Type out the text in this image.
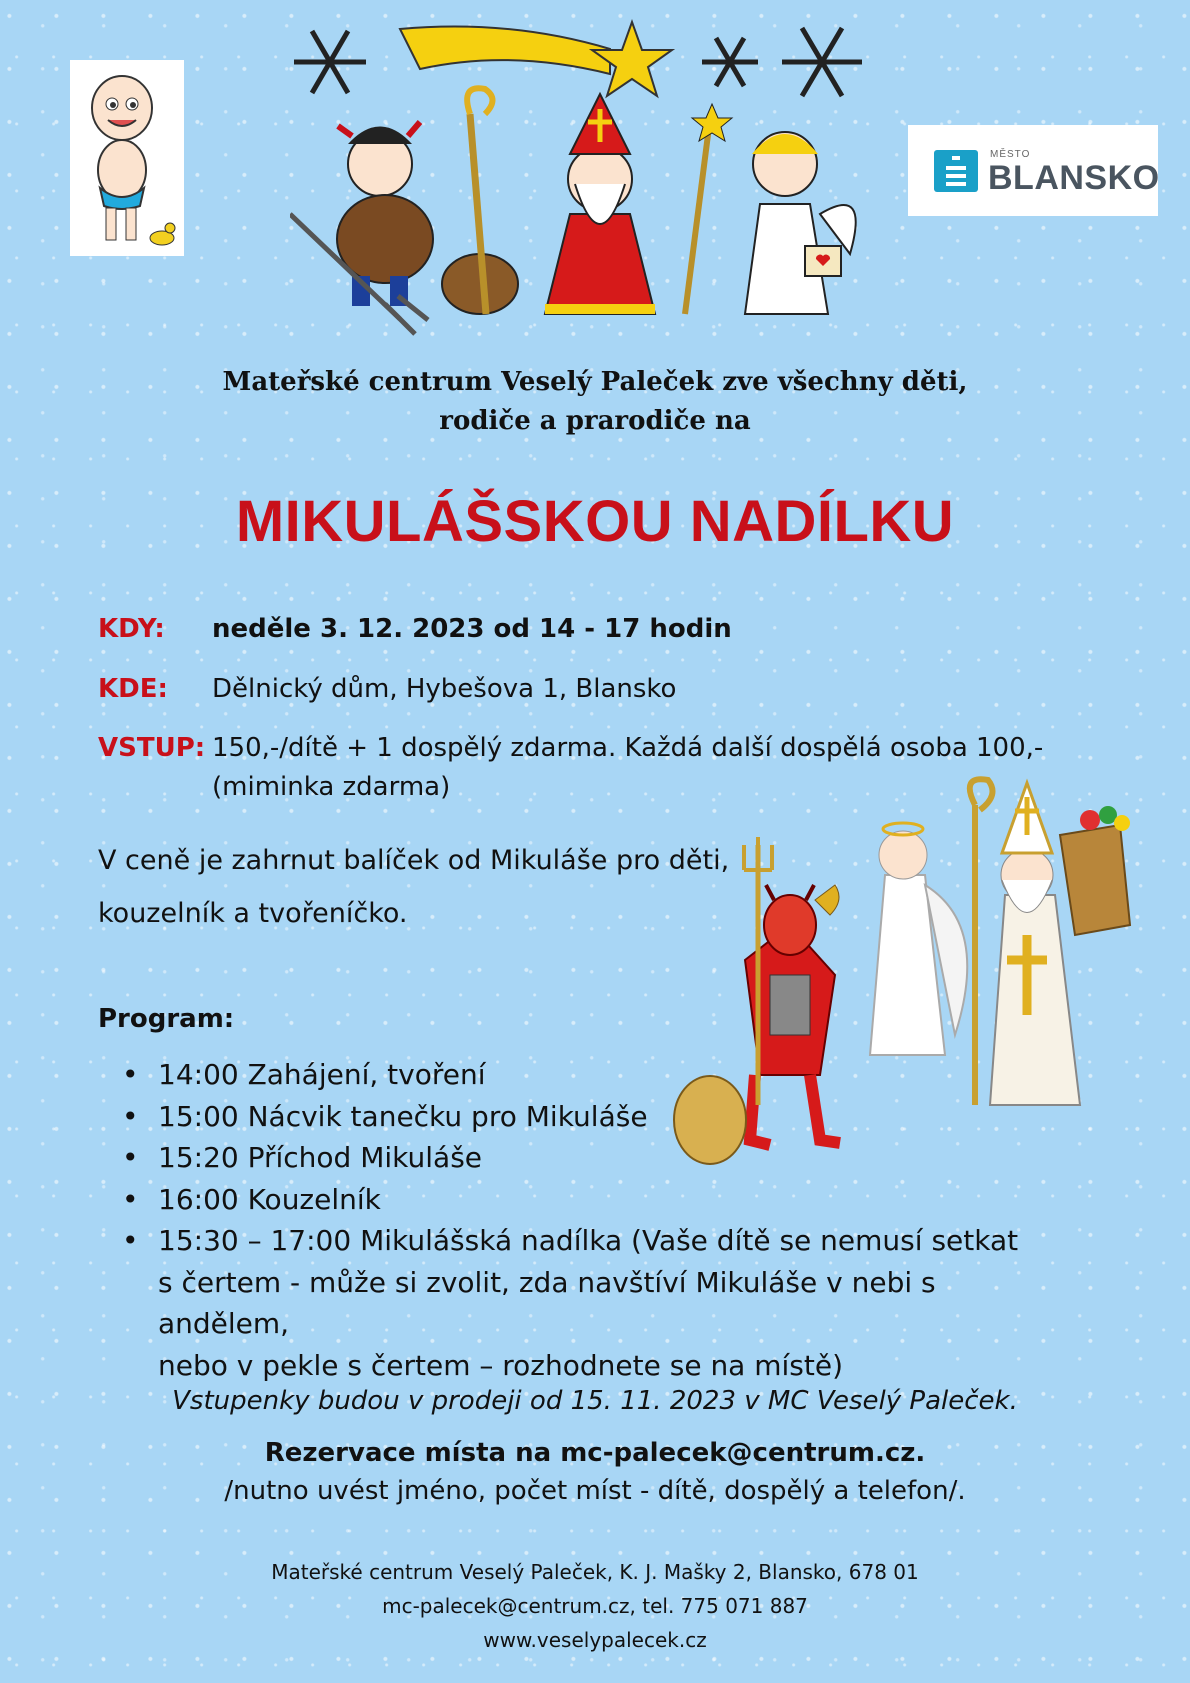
MĚSTO
BLANSKO
Mateřské centrum Veselý Paleček zve všechny děti,
rodiče a prarodiče na
MIKULÁŠSKOU NADÍLKU
KDY: neděle 3. 12. 2023 od 14 - 17 hodin
KDE: Dělnický dům, Hybešova 1, Blansko
VSTUP: 150,-/dítě + 1 dospělý zdarma. Každá další dospělá osoba 100,-
(miminka zdarma)
V ceně je zahrnut balíček od Mikuláše pro děti,
kouzelník a tvořeníčko.
Program:
• 14:00 Zahájení, tvoření
• 15:00 Nácvik tanečku pro Mikuláše
• 15:20 Příchod Mikuláše
• 16:00 Kouzelník
• 15:30 – 17:00 Mikulášská nadílka (Vaše dítě se nemusí setkat
s čertem - může si zvolit, zda navštíví Mikuláše v nebi s andělem,
nebo v pekle s čertem – rozhodnete se na místě)
Vstupenky budou v prodeji od 15. 11. 2023 v MC Veselý Paleček.
Rezervace místa na mc-palecek@centrum.cz.
/nutno uvést jméno, počet míst - dítě, dospělý a telefon/.
Mateřské centrum Veselý Paleček, K. J. Mašky 2, Blansko, 678 01
mc-palecek@centrum.cz, tel. 775 071 887
www.veselypalecek.cz
